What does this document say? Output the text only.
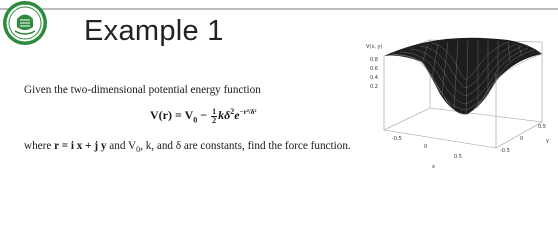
Example 1
Given the two-dimensional potential energy function
$V(r) = V_0 - \frac{1}{2} k\delta^2e^{-r^2/\delta^2}$
where r = i x + j y and $V_0$, k, and δ are constants, find the force function.
V(x, y)
0.8
0.6
0.4
0.2
-0.5
0
0.5
x
-0.5
0
0.5
y
